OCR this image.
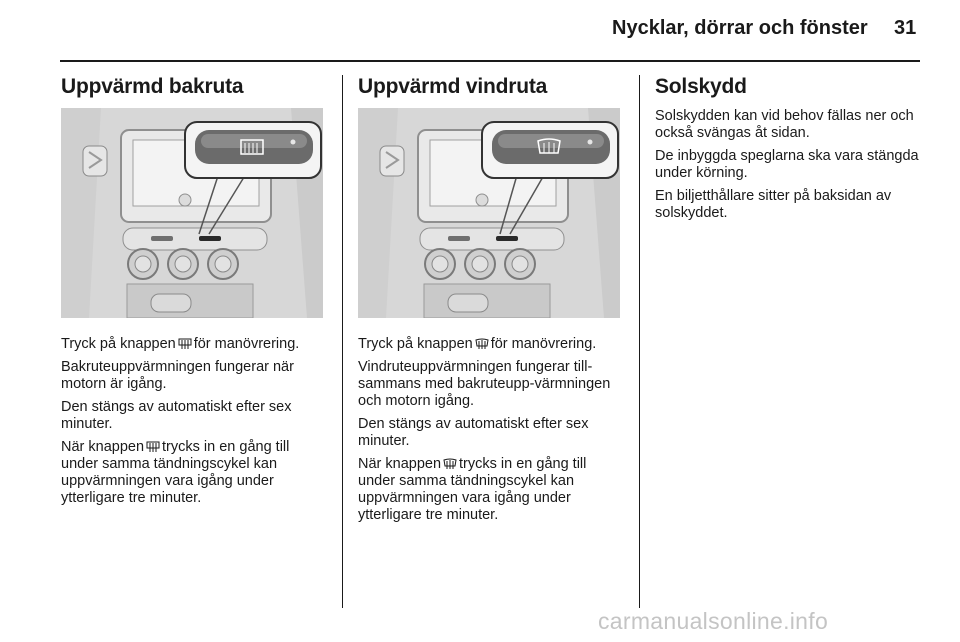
Nycklar, dörrar och fönster 31
Uppvärmd bakruta

Tryck på knappen för manövrering.

Bakruteuppvärmningen fungerar när motorn är igång.

Den stängs av automatiskt efter sex minuter.

När knappen trycks in en gång till under samma tändningscykel kan uppvärmningen vara igång under ytterligare tre minuter.

Uppvärmd vindruta

Tryck på knappen för manövrering.

Vindruteuppvärmningen fungerar till-sammans med bakruteupp-värmningen och motorn igång.

Den stängs av automatiskt efter sex minuter.

När knappen trycks in en gång till under samma tändningscykel kan uppvärmningen vara igång under ytterligare tre minuter.

Solskydd

Solskydden kan vid behov fällas ner och också svängas åt sidan.

De inbyggda speglarna ska vara stängda under körning.

En biljetthållare sitter på baksidan av solskyddet.

carmanualsonline.info
